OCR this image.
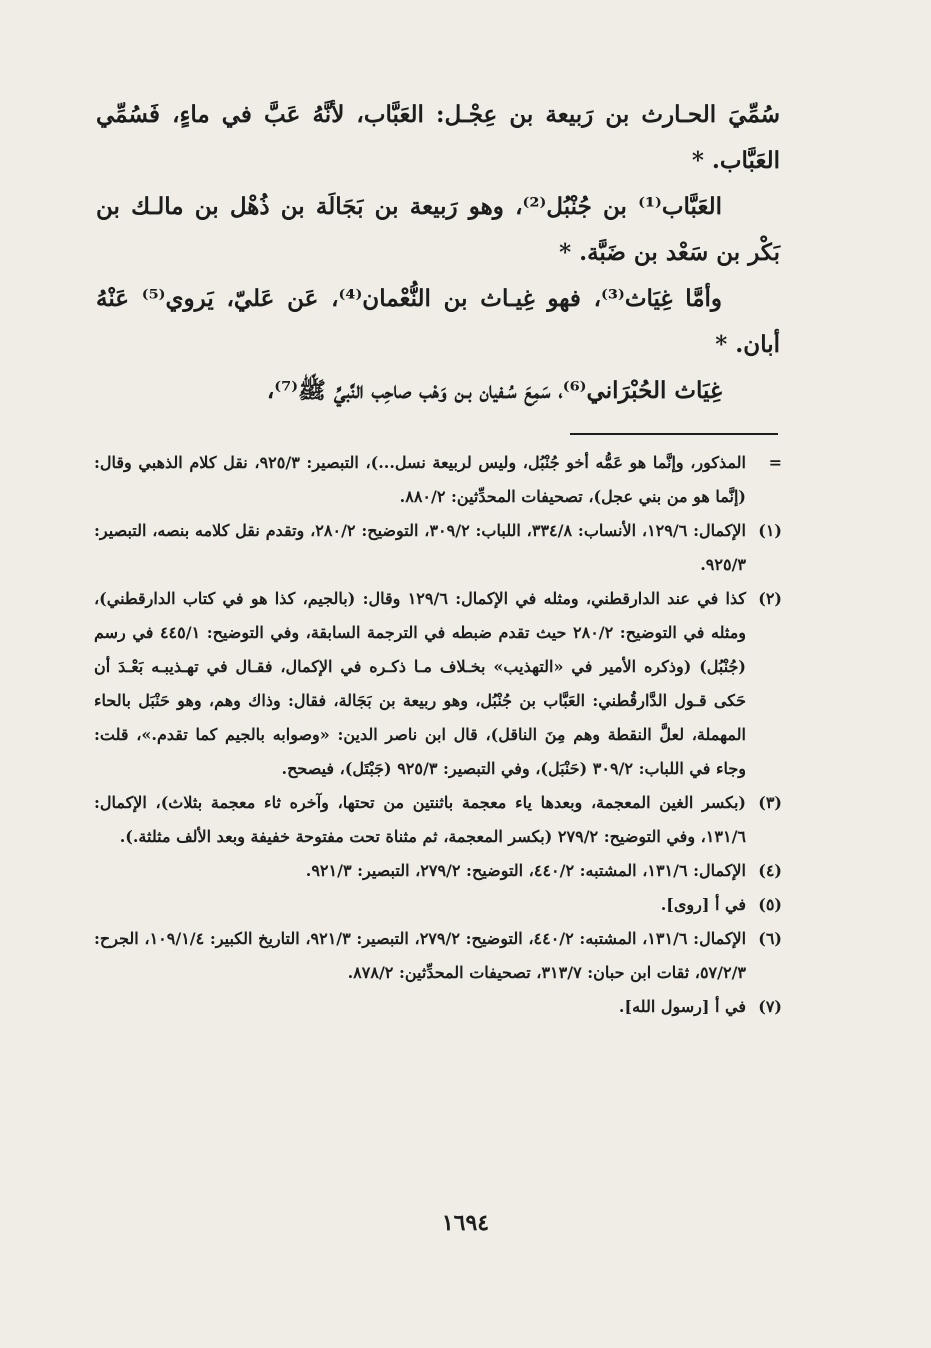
سُمِّيَ الحـارث بن رَبيعة بن عِجْـل: العَبَّاب، لأنَّهُ عَبَّ في ماءٍ، فَسُمِّي العَبَّاب. *

العَبَّاب⁽¹⁾ بن جُنْبُل⁽²⁾، وهو رَبيعة بن بَجَالَة بن ذُهْل بن مالـك بن بَكْر بن سَعْد بن ضَبَّة. *

وأمَّا غِيَاث⁽³⁾، فهو غِيـاث بن النُّعْمان⁽⁴⁾، عَن عَليّ، يَروي⁽⁵⁾ عَنْهُ أبان. *

غِيَاث الحُبْرَاني⁽⁶⁾، سَمِعَ سُـفيان بـن وَهْب صاحِب النَّبيِّ ﷺ⁽⁷⁾،

=
المذكور، وإنَّما هو عَمُّه أخو جُنْبُل، وليس لربيعة نسل...)، التبصير: ٩٢٥/٣، نقل كلام الذهبي وقال: (إنَّما هو من بني عجل)، تصحيفات المحدِّثين: ٨٨٠/٢.
(١)
الإكمال: ١٢٩/٦، الأنساب: ٣٣٤/٨، اللباب: ٣٠٩/٢، التوضيح: ٢٨٠/٢، وتقدم نقل كلامه بنصه، التبصير: ٩٢٥/٣.
(٢)
كذا في عند الدارقطني، ومثله في الإكمال: ١٢٩/٦ وقال: (بالجيم، كذا هو في كتاب الدارقطني)، ومثله في التوضيح: ٢٨٠/٢ حيث تقدم ضبطه في الترجمة السابقة، وفي التوضيح: ٤٤٥/١ في رسم (جُنْبُل) (وذكره الأمير في «التهذيب» بخـلاف مـا ذكـره في الإكمال، فقـال في تهـذيبـه بَعْـدَ أن حَكى قـول الدَّارقُطني: العَبَّاب بن جُنْبُل، وهو ربيعة بن بَجَالة، فقال: وذاك وهم، وهو حَنْبَل بالحاء المهملة، لعلَّ النقطة وهم مِنَ الناقل)، قال ابن ناصر الدين: «وصوابه بالجيم كما تقدم.»، قلت: وجاء في اللباب: ٣٠٩/٢ (حَنْبَل)، وفي التبصير: ٩٢٥/٣ (جَبْتَل)، فيصحح.
(٣)
(بكسر الغين المعجمة، وبعدها ياء معجمة باثنتين من تحتها، وآخره ثاء معجمة بثلاث)، الإكمال: ١٣١/٦، وفي التوضيح: ٢٧٩/٢ (بكسر المعجمة، ثم مثناة تحت مفتوحة خفيفة وبعد الألف مثلثة.).
(٤)
الإكمال: ١٣١/٦، المشتبه: ٤٤٠/٢، التوضيح: ٢٧٩/٢، التبصير: ٩٢١/٣.
(٥)
في أ [روى].
(٦)
الإكمال: ١٣١/٦، المشتبه: ٤٤٠/٢، التوضيح: ٢٧٩/٢، التبصير: ٩٢١/٣، التاريخ الكبير: ١٠٩/١/٤، الجرح: ٥٧/٢/٣، ثقات ابن حبان: ٣١٣/٧، تصحيفات المحدِّثين: ٨٧٨/٢.
(٧)
في أ [رسول الله].
١٦٩٤
